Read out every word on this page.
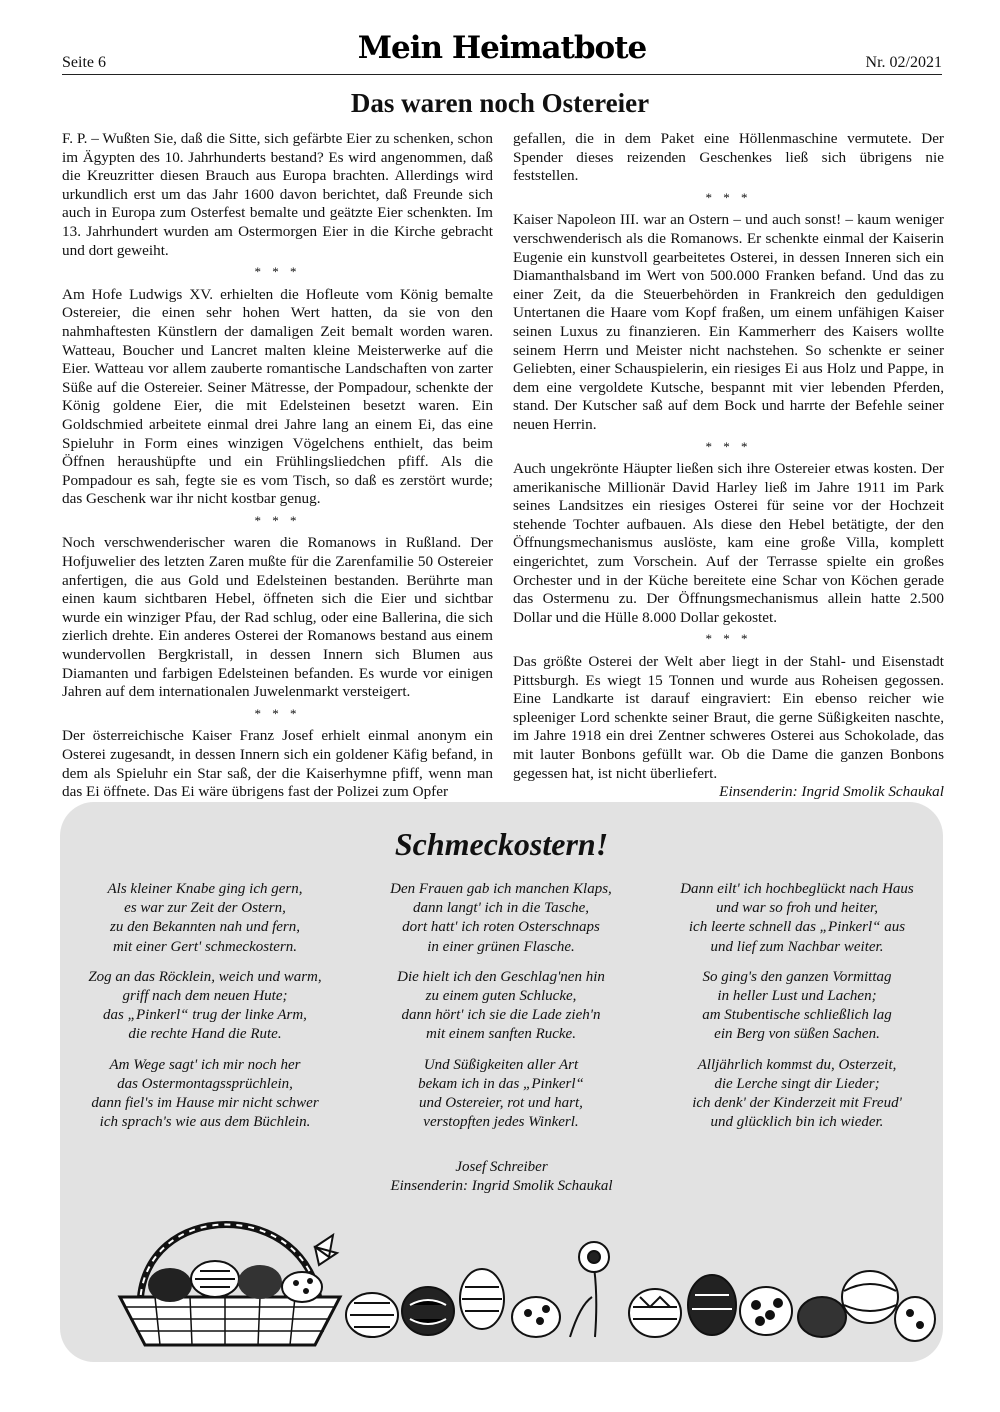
Seite 6	Mein Heimatbote	Nr. 02/2021
Das waren noch Ostereier

F. P. – Wußten Sie, daß die Sitte, sich gefärbte Eier zu schenken, schon im Ägypten des 10. Jahrhunderts bestand? Es wird angenommen, daß die Kreuzritter diesen Brauch aus Europa brachten. Allerdings wird urkundlich erst um das Jahr 1600 davon berichtet, daß Freunde sich auch in Europa zum Osterfest bemalte und geätzte Eier schenkten. Im 13. Jahrhundert wurden am Ostermorgen Eier in die Kirche gebracht und dort geweiht.

* * *

Am Hofe Ludwigs XV. erhielten die Hofleute vom König bemalte Ostereier, die einen sehr hohen Wert hatten, da sie von den nahmhaftesten Künstlern der damaligen Zeit bemalt worden waren. Watteau, Boucher und Lancret malten kleine Meisterwerke auf die Eier. Watteau vor allem zauberte romantische Landschaften von zarter Süße auf die Ostereier. Seiner Mätresse, der Pompadour, schenkte der König goldene Eier, die mit Edelsteinen besetzt waren. Ein Goldschmied arbeitete einmal drei Jahre lang an einem Ei, das eine Spieluhr in Form eines winzigen Vögelchens enthielt, das beim Öffnen heraushüpfte und ein Frühlingsliedchen pfiff. Als die Pompadour es sah, fegte sie es vom Tisch, so daß es zerstört wurde; das Geschenk war ihr nicht kostbar genug.

* * *

Noch verschwenderischer waren die Romanows in Rußland. Der Hofjuwelier des letzten Zaren mußte für die Zarenfamilie 50 Ostereier anfertigen, die aus Gold und Edelsteinen bestanden. Berührte man einen kaum sichtbaren Hebel, öffneten sich die Eier und sichtbar wurde ein winziger Pfau, der Rad schlug, oder eine Ballerina, die sich zierlich drehte. Ein anderes Osterei der Romanows bestand aus einem wundervollen Bergkristall, in dessen Innern sich Blumen aus Diamanten und farbigen Edelsteinen befanden. Es wurde vor einigen Jahren auf dem internationalen Juwelenmarkt versteigert.

* * *

Der österreichische Kaiser Franz Josef erhielt einmal anonym ein Osterei zugesandt, in dessen Innern sich ein goldener Käfig befand, in dem als Spieluhr ein Star saß, der die Kaiserhymne pfiff, wenn man das Ei öffnete. Das Ei wäre übrigens fast der Polizei zum Opfer

gefallen, die in dem Paket eine Höllenmaschine vermutete. Der Spender dieses reizenden Geschenkes ließ sich übrigens nie feststellen.

* * *

Kaiser Napoleon III. war an Ostern – und auch sonst! – kaum weniger verschwenderisch als die Romanows. Er schenkte einmal der Kaiserin Eugenie ein kunstvoll gearbeitetes Osterei, in dessen Inneren sich ein Diamanthalsband im Wert von 500.000 Franken befand. Und das zu einer Zeit, da die Steuerbehörden in Frankreich den geduldigen Untertanen die Haare vom Kopf fraßen, um einem unfähigen Kaiser seinen Luxus zu finanzieren. Ein Kammerherr des Kaisers wollte seinem Herrn und Meister nicht nachstehen. So schenkte er seiner Geliebten, einer Schauspielerin, ein riesiges Ei aus Holz und Pappe, in dem eine vergoldete Kutsche, bespannt mit vier lebenden Pferden, stand. Der Kutscher saß auf dem Bock und harrte der Befehle seiner neuen Herrin.

* * *

Auch ungekrönte Häupter ließen sich ihre Ostereier etwas kosten. Der amerikanische Millionär David Harley ließ im Jahre 1911 im Park seines Landsitzes ein riesiges Osterei für seine vor der Hochzeit stehende Tochter aufbauen. Als diese den Hebel betätigte, der den Öffnungsmechanismus auslöste, kam eine große Villa, komplett eingerichtet, zum Vorschein. Auf der Terrasse spielte ein großes Orchester und in der Küche bereitete eine Schar von Köchen gerade das Ostermenu zu. Der Öffnungsmechanismus allein hatte 2.500 Dollar und die Hülle 8.000 Dollar gekostet.

* * *

Das größte Osterei der Welt aber liegt in der Stahl- und Eisenstadt Pittsburgh. Es wiegt 15 Tonnen und wurde aus Roheisen gegossen. Eine Landkarte ist darauf eingraviert: Ein ebenso reicher wie spleeniger Lord schenkte seiner Braut, die gerne Süßigkeiten naschte, im Jahre 1918 ein drei Zentner schweres Osterei aus Schokolade, das mit lauter Bonbons gefüllt war. Ob die Dame die ganzen Bonbons gegessen hat, ist nicht überliefert.

Einsenderin: Ingrid Smolik Schaukal
Schmeckostern!
Als kleiner Knabe ging ich gern,
es war zur Zeit der Ostern,
zu den Bekannten nah und fern,
mit einer Gert' schmeckostern.
Zog an das Röcklein, weich und warm,
griff nach dem neuen Hute;
das „Pinkerl“ trug der linke Arm,
die rechte Hand die Rute.
Am Wege sagt' ich mir noch her
das Ostermontagssprüchlein,
dann fiel's im Hause mir nicht schwer
ich sprach's wie aus dem Büchlein.
Den Frauen gab ich manchen Klaps,
dann langt' ich in die Tasche,
dort hatt' ich roten Osterschnaps
in einer grünen Flasche.
Die hielt ich den Geschlag'nen hin
zu einem guten Schlucke,
dann hört' ich sie die Lade zieh'n
mit einem sanften Rucke.
Und Süßigkeiten aller Art
bekam ich in das „Pinkerl“
und Ostereier, rot und hart,
verstopften jedes Winkerl.
Dann eilt' ich hochbeglückt nach Haus
und war so froh und heiter,
ich leerte schnell das „Pinkerl“ aus
und lief zum Nachbar weiter.
So ging's den ganzen Vormittag
in heller Lust und Lachen;
am Stubentische schließlich lag
ein Berg von süßen Sachen.
Alljährlich kommst du, Osterzeit,
die Lerche singt dir Lieder;
ich denk' der Kinderzeit mit Freud'
und glücklich bin ich wieder.
Josef Schreiber
Einsenderin: Ingrid Smolik Schaukal
